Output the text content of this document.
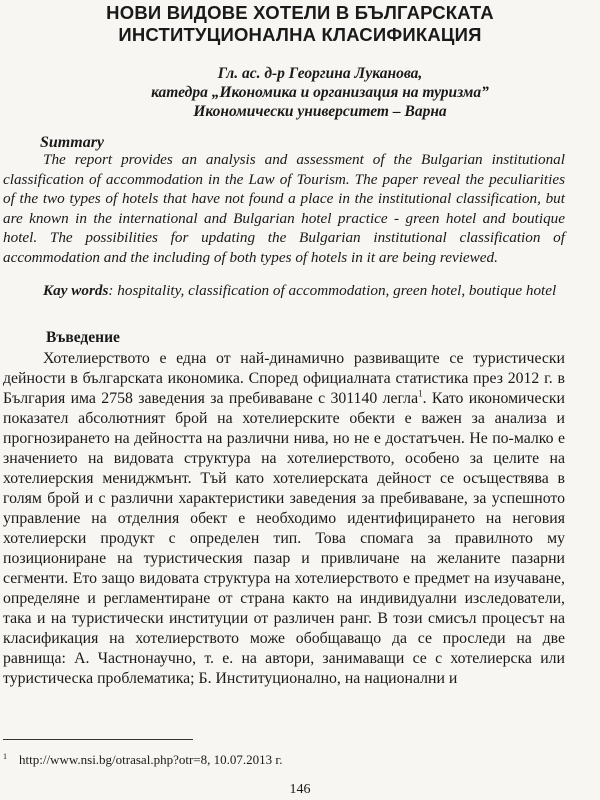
НОВИ ВИДОВЕ ХОТЕЛИ В БЪЛГАРСКАТА
ИНСТИТУЦИОНАЛНА КЛАСИФИКАЦИЯ
Гл. ас. д-р Георгина Луканова,
катедра „Икономика и организация на туризма”
Икономически университет – Варна
Summary
The report provides an analysis and assessment of the Bulgarian institutional classification of accommodation in the Law of Tourism. The paper reveal the peculiarities of the two types of hotels that have not found a place in the institutional classification, but are known in the international and Bulgarian hotel practice - green hotel and boutique hotel. The possibilities for updating the Bulgarian institutional classification of accommodation and the including of both types of hotels in it are being reviewed.
Kay words: hospitality, classification of accommodation, green hotel, boutique hotel
Въведение
Хотелиерството е една от най-динамично развиващите се туристически дейности в българската икономика. Според официалната статистика през 2012 г. в България има 2758 заведения за пребиваване с 301140 легла$^1$. Като икономически показател абсолютният брой на хотелиерските обекти е важен за анализа и прогнозирането на дейността на различни нива, но не е достатъчен. Не по-малко е значението на видовата структура на хотелиерството, особено за целите на хотелиерския мениджмънт. Тъй като хотелиерската дейност се осъществява в голям брой и с различни характеристики заведения за пребиваване, за успешното управление на отделния обект е необходимо идентифицирането на неговия хотелиерски продукт с определен тип. Това спомага за правилното му позициониране на туристическия пазар и привличане на желаните пазарни сегменти. Ето защо видовата структура на хотелиерството е предмет на изучаване, определяне и регламентиране от страна както на индивидуални изследователи, така и на туристически институции от различен ранг. В този смисъл процесът на класификация на хотелиерството може обобщаващо да се проследи на две равнища: А. Частнонаучно, т. е. на автори, занимаващи се с хотелиерска или туристическа проблематика; Б. Институционално, на национални и
$^1$ http://www.nsi.bg/otrasal.php?otr=8, 10.07.2013 г.
146
